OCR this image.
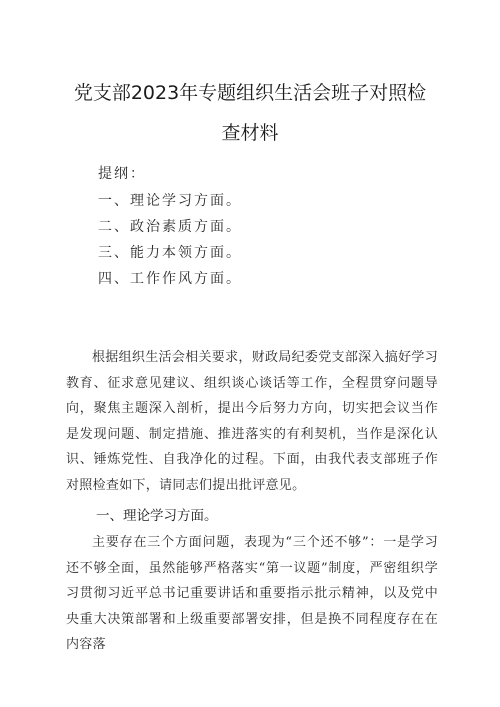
党支部2023年专题组织生活会班子对照检
查材料
提纲：
一、理论学习方面。
二、政治素质方面。
三、能力本领方面。
四、工作作风方面。
根据组织生活会相关要求，财政局纪委党支部深入搞好学习教育、征求意见建议、组织谈心谈话等工作，全程贯穿问题导向，聚焦主题深入剖析，提出今后努力方向，切实把会议当作是发现问题、制定措施、推进落实的有利契机，当作是深化认识、锤炼党性、自我净化的过程。下面，由我代表支部班子作对照检查如下，请同志们提出批评意见。
一、理论学习方面。
主要存在三个方面问题，表现为“三个还不够”：一是学习还不够全面，虽然能够严格落实“第一议题”制度，严密组织学习贯彻习近平总书记重要讲话和重要指示批示精神，以及党中央重大决策部署和上级重要部署安排，但是换不同程度存在在内容落
